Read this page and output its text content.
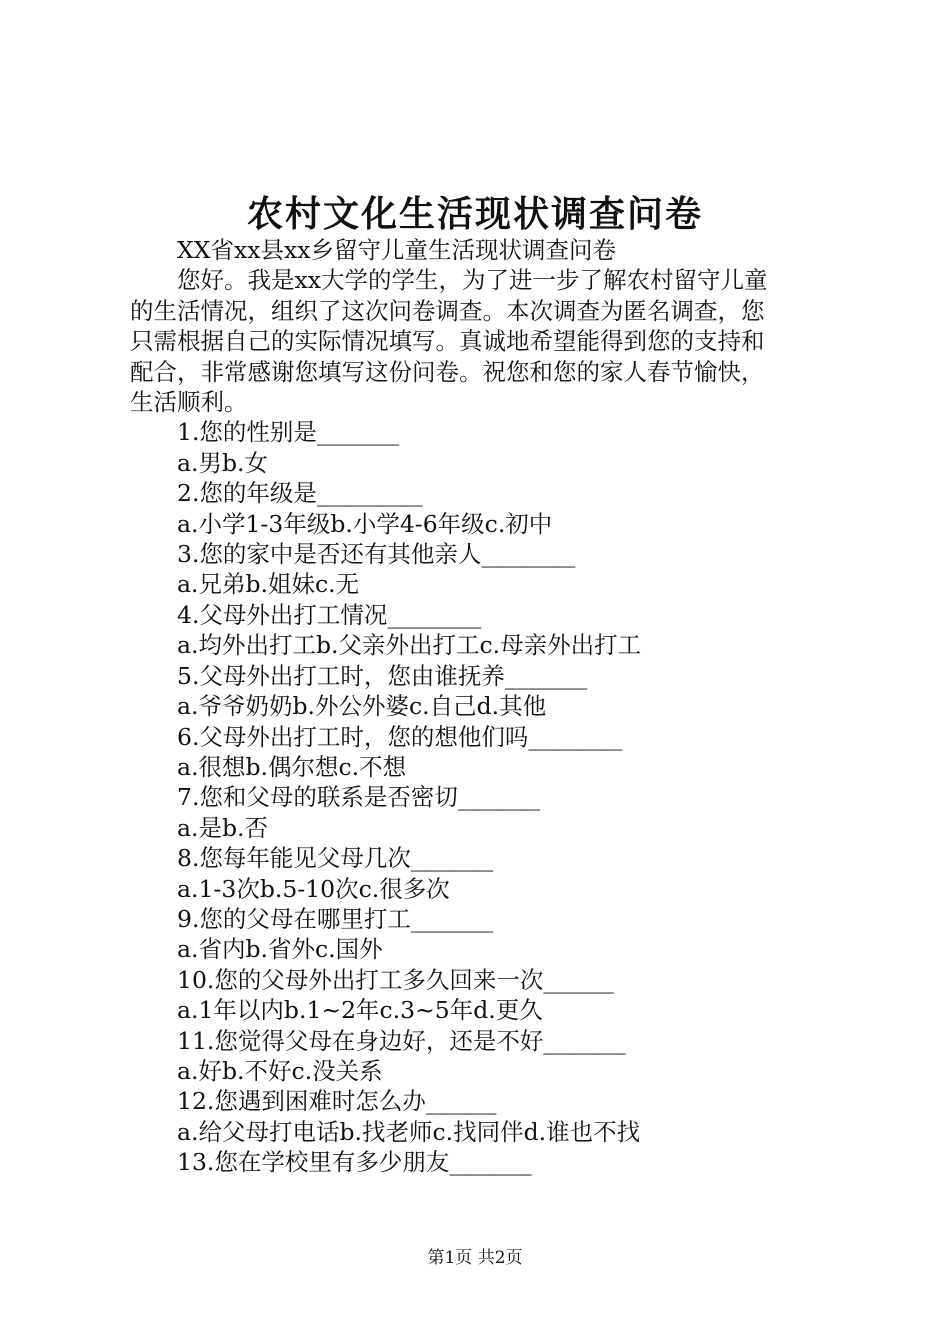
农村文化生活现状调查问卷
XX省xx县xx乡留守儿童生活现状调查问卷
您好。我是xx大学的学生，为了进一步了解农村留守儿童
的生活情况，组织了这次问卷调查。本次调查为匿名调查，您
只需根据自己的实际情况填写。真诚地希望能得到您的支持和
配合，非常感谢您填写这份问卷。祝您和您的家人春节愉快，
生活顺利。
1.您的性别是_______
a.男b.女
2.您的年级是_________
a.小学1-3年级b.小学4-6年级c.初中
3.您的家中是否还有其他亲人________
a.兄弟b.姐妹c.无
4.父母外出打工情况________
a.均外出打工b.父亲外出打工c.母亲外出打工
5.父母外出打工时，您由谁抚养_______
a.爷爷奶奶b.外公外婆c.自己d.其他
6.父母外出打工时，您的想他们吗________
a.很想b.偶尔想c.不想
7.您和父母的联系是否密切_______
a.是b.否
8.您每年能见父母几次_______
a.1-3次b.5-10次c.很多次
9.您的父母在哪里打工_______
a.省内b.省外c.国外
10.您的父母外出打工多久回来一次______
a.1年以内b.1~2年c.3~5年d.更久
11.您觉得父母在身边好，还是不好_______
a.好b.不好c.没关系
12.您遇到困难时怎么办______
a.给父母打电话b.找老师c.找同伴d.谁也不找
13.您在学校里有多少朋友_______
第1页 共2页
